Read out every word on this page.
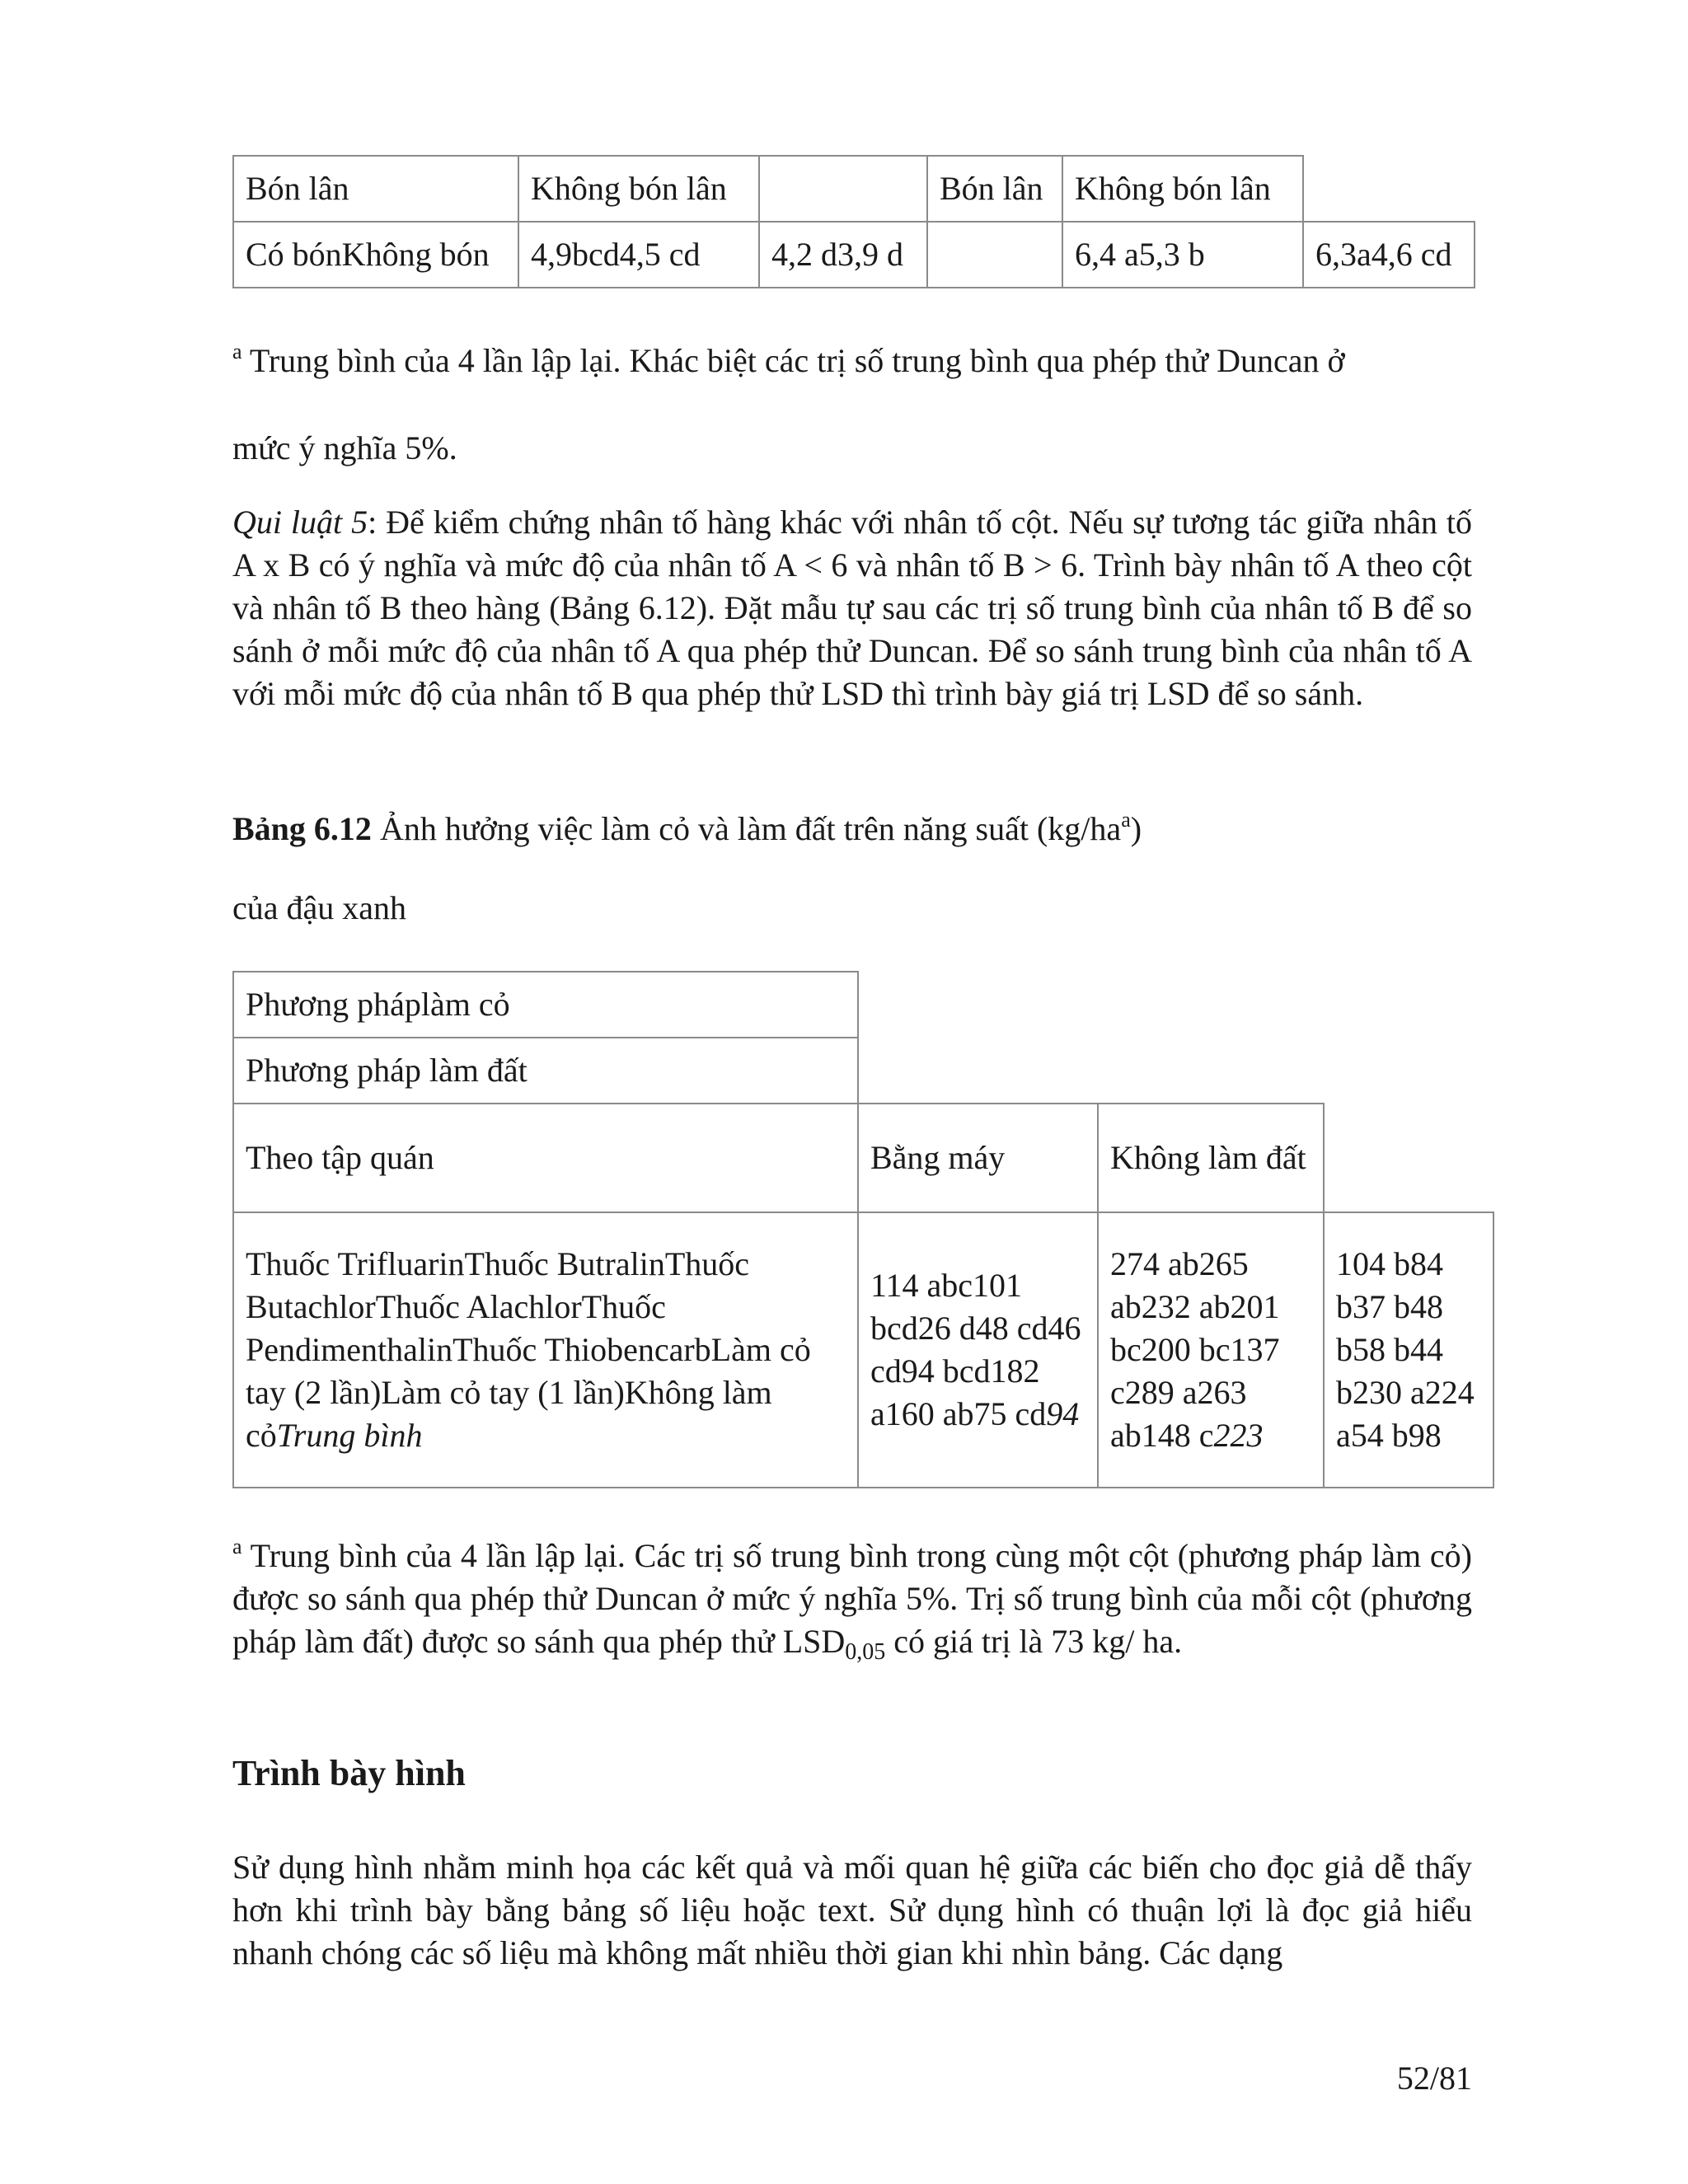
Bón lân	Không bón lân		Bón lân	Không bón lân	
Có bónKhông bón	4,9bcd4,5 cd	4,2 d3,9 d		6,4 a5,3 b	6,3a4,6 cd
$^a$ Trung bình của 4 lần lập lại. Khác biệt các trị số trung bình qua phép thử Duncan ở
mức ý nghĩa 5%.
Qui luật 5: Để kiểm chứng nhân tố hàng khác với nhân tố cột. Nếu sự tương tác giữa nhân tố A x B có ý nghĩa và mức độ của nhân tố A < 6 và nhân tố B > 6. Trình bày nhân tố A theo cột và nhân tố B theo hàng (Bảng 6.12). Đặt mẫu tự sau các trị số trung bình của nhân tố B để so sánh ở mỗi mức độ của nhân tố A qua phép thử Duncan. Để so sánh trung bình của nhân tố A với mỗi mức độ của nhân tố B qua phép thử LSD thì trình bày giá trị LSD để so sánh.
Bảng 6.12 Ảnh hưởng việc làm cỏ và làm đất trên năng suất $(kg/ha^a)$
của đậu xanh
Phương pháplàm cỏ			
Phương pháp làm đất			
Theo tập quán	Bằng máy	Không làm đất	
Thuốc TrifluarinThuốc ButralinThuốc ButachlorThuốc AlachlorThuốc PendimenthalinThuốc ThiobencarbLàm cỏ tay (2 lần)Làm cỏ tay (1 lần)Không làm cỏTrung bình	114 abc101 bcd26 d48 cd46 cd94 bcd182 a160 ab75 cd94	274 ab265 ab232 ab201 bc200 bc137 c289 a263 ab148 c223	104 b84 b37 b48 b58 b44 b230 a224 a54 b98
$^a$ Trung bình của 4 lần lập lại. Các trị số trung bình trong cùng một cột (phương pháp làm cỏ) được so sánh qua phép thử Duncan ở mức ý nghĩa 5%. Trị số trung bình của mỗi cột (phương pháp làm đất) được so sánh qua phép thử $LSD_{0,05}$ có giá trị là 73 kg/ ha.
Trình bày hình
Sử dụng hình nhằm minh họa các kết quả và mối quan hệ giữa các biến cho đọc giả dễ thấy hơn khi trình bày bằng bảng số liệu hoặc text. Sử dụng hình có thuận lợi là đọc giả hiểu nhanh chóng các số liệu mà không mất nhiều thời gian khi nhìn bảng. Các dạng
52/81
